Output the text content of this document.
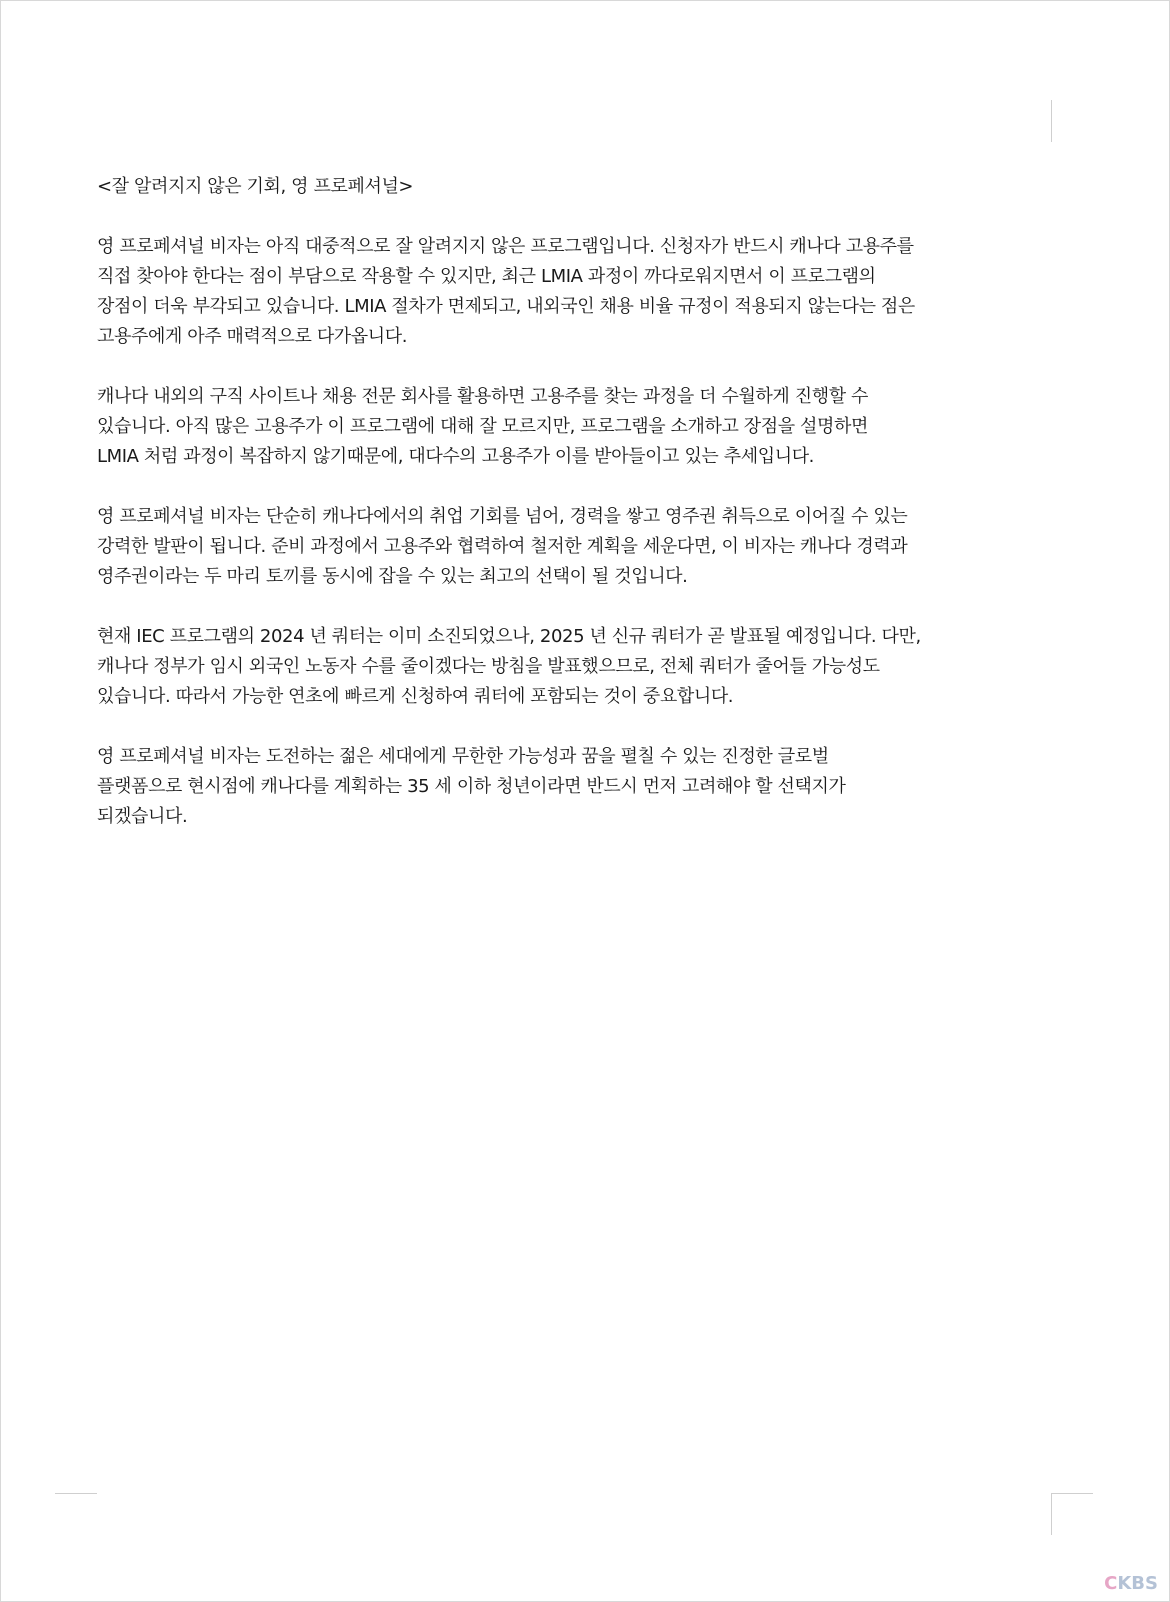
<잘 알려지지 않은 기회, 영 프로페셔널>
영 프로페셔널 비자는 아직 대중적으로 잘 알려지지 않은 프로그램입니다. 신청자가 반드시 캐나다 고용주를
직접 찾아야 한다는 점이 부담으로 작용할 수 있지만, 최근 LMIA 과정이 까다로워지면서 이 프로그램의
장점이 더욱 부각되고 있습니다. LMIA 절차가 면제되고, 내외국인 채용 비율 규정이 적용되지 않는다는 점은
고용주에게 아주 매력적으로 다가옵니다.
캐나다 내외의 구직 사이트나 채용 전문 회사를 활용하면 고용주를 찾는 과정을 더 수월하게 진행할 수
있습니다. 아직 많은 고용주가 이 프로그램에 대해 잘 모르지만, 프로그램을 소개하고 장점을 설명하면
LMIA 처럼 과정이 복잡하지 않기때문에, 대다수의 고용주가 이를 받아들이고 있는 추세입니다.
영 프로페셔널 비자는 단순히 캐나다에서의 취업 기회를 넘어, 경력을 쌓고 영주권 취득으로 이어질 수 있는
강력한 발판이 됩니다. 준비 과정에서 고용주와 협력하여 철저한 계획을 세운다면, 이 비자는 캐나다 경력과
영주권이라는 두 마리 토끼를 동시에 잡을 수 있는 최고의 선택이 될 것입니다.
현재 IEC 프로그램의 2024 년 쿼터는 이미 소진되었으나, 2025 년 신규 쿼터가 곧 발표될 예정입니다. 다만,
캐나다 정부가 임시 외국인 노동자 수를 줄이겠다는 방침을 발표했으므로, 전체 쿼터가 줄어들 가능성도
있습니다. 따라서 가능한 연초에 빠르게 신청하여 쿼터에 포함되는 것이 중요합니다.
영 프로페셔널 비자는 도전하는 젊은 세대에게 무한한 가능성과 꿈을 펼칠 수 있는 진정한 글로벌
플랫폼으로 현시점에 캐나다를 계획하는 35 세 이하 청년이라면 반드시 먼저 고려해야 할 선택지가
되겠습니다.
CKBS
